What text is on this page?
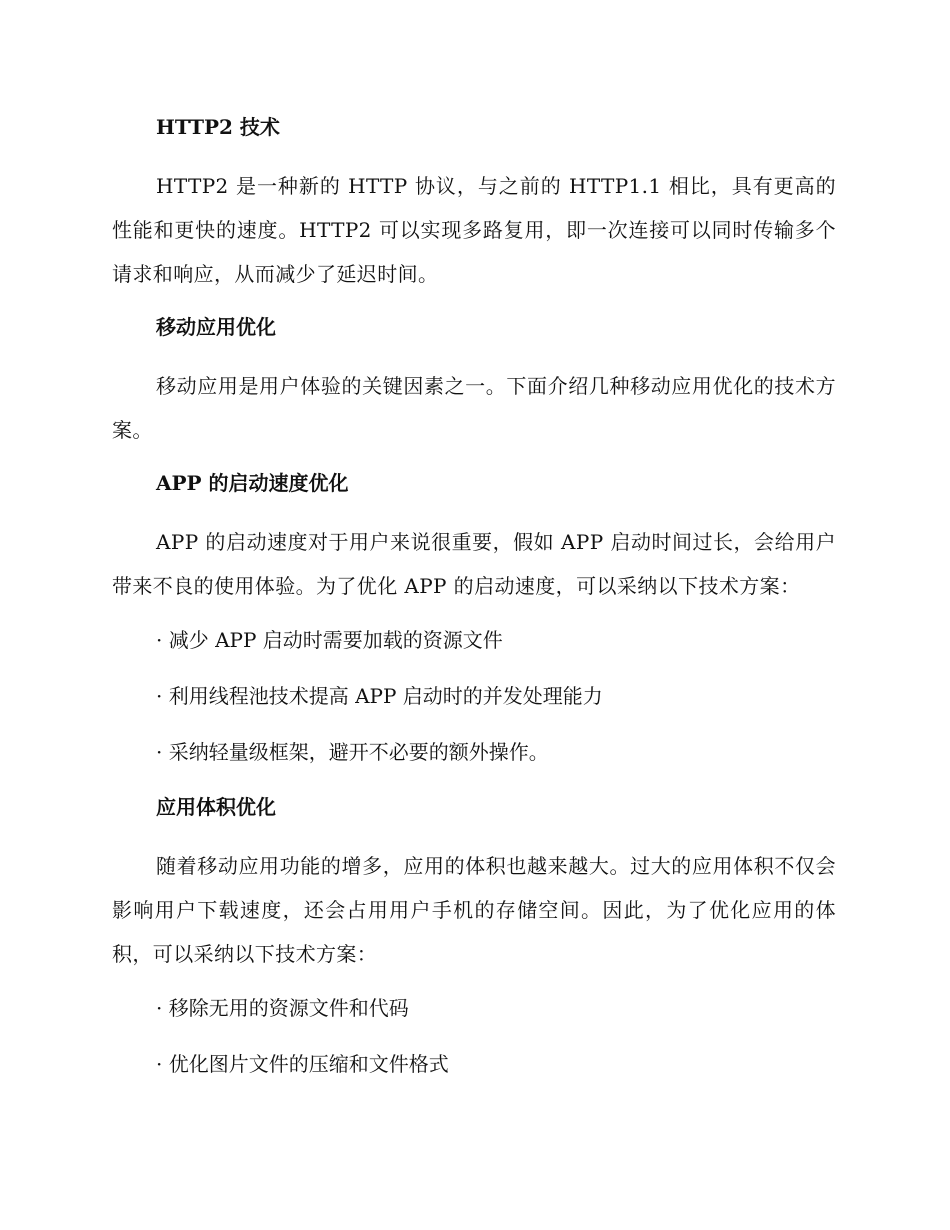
HTTP2 技术

HTTP2 是一种新的 HTTP 协议，与之前的 HTTP1.1 相比，具有更高的性能和更快的速度。HTTP2 可以实现多路复用，即一次连接可以同时传输多个请求和响应，从而减少了延迟时间。

移动应用优化

移动应用是用户体验的关键因素之一。下面介绍几种移动应用优化的技术方案。

APP 的启动速度优化

APP 的启动速度对于用户来说很重要，假如 APP 启动时间过长，会给用户带来不良的使用体验。为了优化 APP 的启动速度，可以采纳以下技术方案：

· 减少 APP 启动时需要加载的资源文件
· 利用线程池技术提高 APP 启动时的并发处理能力
· 采纳轻量级框架，避开不必要的额外操作。
应用体积优化

随着移动应用功能的增多，应用的体积也越来越大。过大的应用体积不仅会影响用户下载速度，还会占用用户手机的存储空间。因此，为了优化应用的体积，可以采纳以下技术方案：

· 移除无用的资源文件和代码
· 优化图片文件的压缩和文件格式
